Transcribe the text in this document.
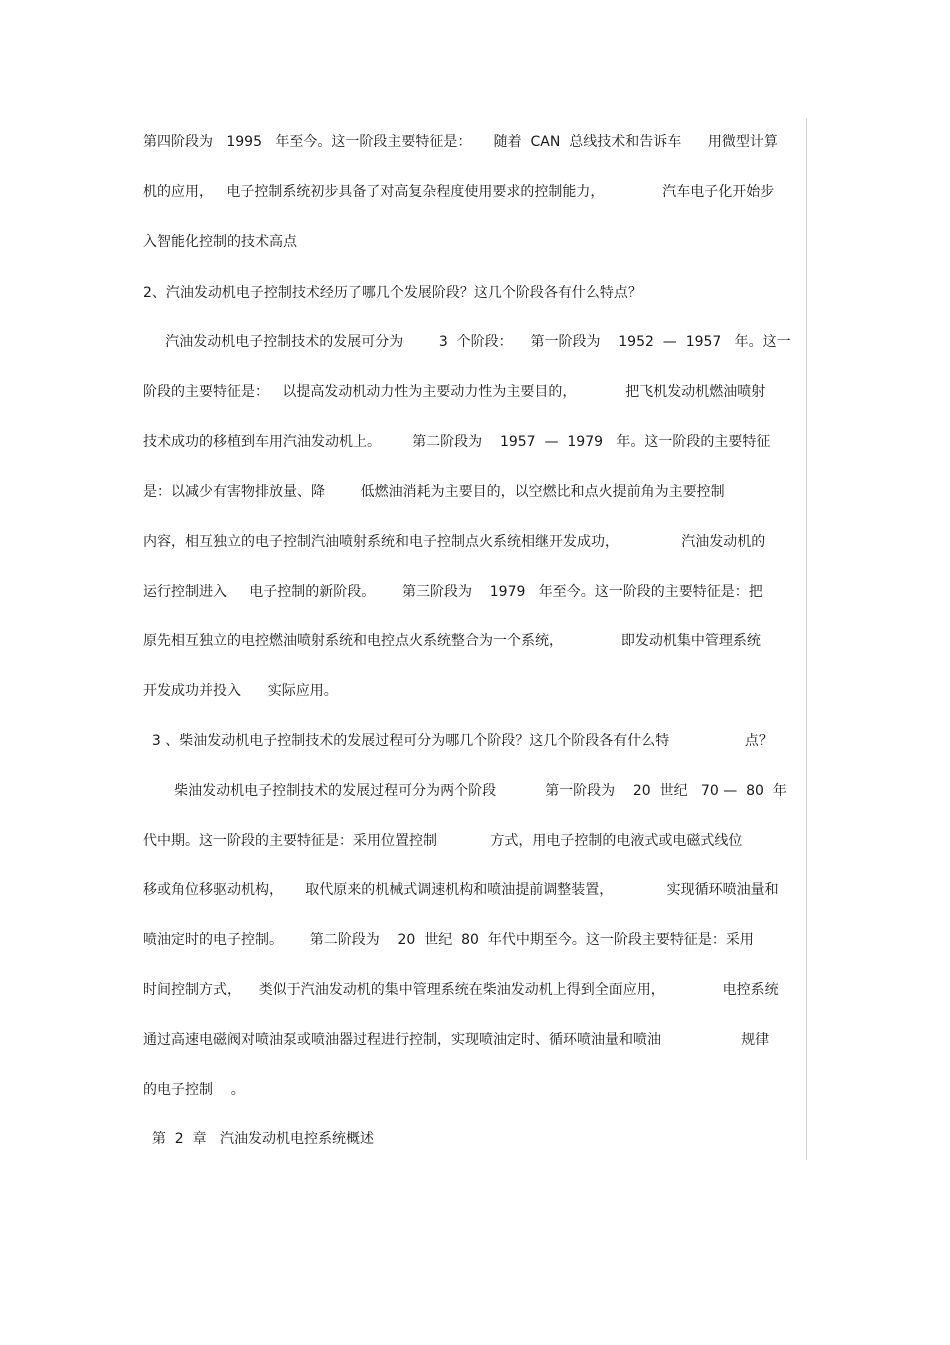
第四阶段为   1995   年至今。这一阶段主要特征是：     随着  CAN  总线技术和告诉车      用微型计算
机的应用，   电子控制系统初步具备了对高复杂程度使用要求的控制能力，             汽车电子化开始步
入智能化控制的技术高点
2、汽油发动机电子控制技术经历了哪几个发展阶段？这几个阶段各有什么特点？
汽油发动机电子控制技术的发展可分为        3  个阶段：    第一阶段为    1952  —  1957   年。这一
阶段的主要特征是：   以提高发动机动力性为主要动力性为主要目的，           把飞机发动机燃油喷射
技术成功的移植到车用汽油发动机上。       第二阶段为    1957  —  1979   年。这一阶段的主要特征
是：以减少有害物排放量、降        低燃油消耗为主要目的，以空燃比和点火提前角为主要控制
内容，相互独立的电子控制汽油喷射系统和电子控制点火系统相继开发成功，              汽油发动机的
运行控制进入     电子控制的新阶段。      第三阶段为    1979   年至今。这一阶段的主要特征是：把
原先相互独立的电控燃油喷射系统和电控点火系统整合为一个系统，             即发动机集中管理系统
开发成功并投入      实际应用。
3 、柴油发动机电子控制技术的发展过程可分为哪几个阶段？这几个阶段各有什么特                 点？
柴油发动机电子控制技术的发展过程可分为两个阶段           第一阶段为    20  世纪   70 —  80  年
代中期。这一阶段的主要特征是：采用位置控制            方式，用电子控制的电液式或电磁式线位
移或角位移驱动机构，     取代原来的机械式调速机构和喷油提前调整装置，            实现循环喷油量和
喷油定时的电子控制。      第二阶段为    20  世纪  80  年代中期至今。这一阶段主要特征是：采用
时间控制方式，    类似于汽油发动机的集中管理系统在柴油发动机上得到全面应用，             电控系统
通过高速电磁阀对喷油泵或喷油器过程进行控制，实现喷油定时、循环喷油量和喷油                  规律
的电子控制    。
第  2  章   汽油发动机电控系统概述
